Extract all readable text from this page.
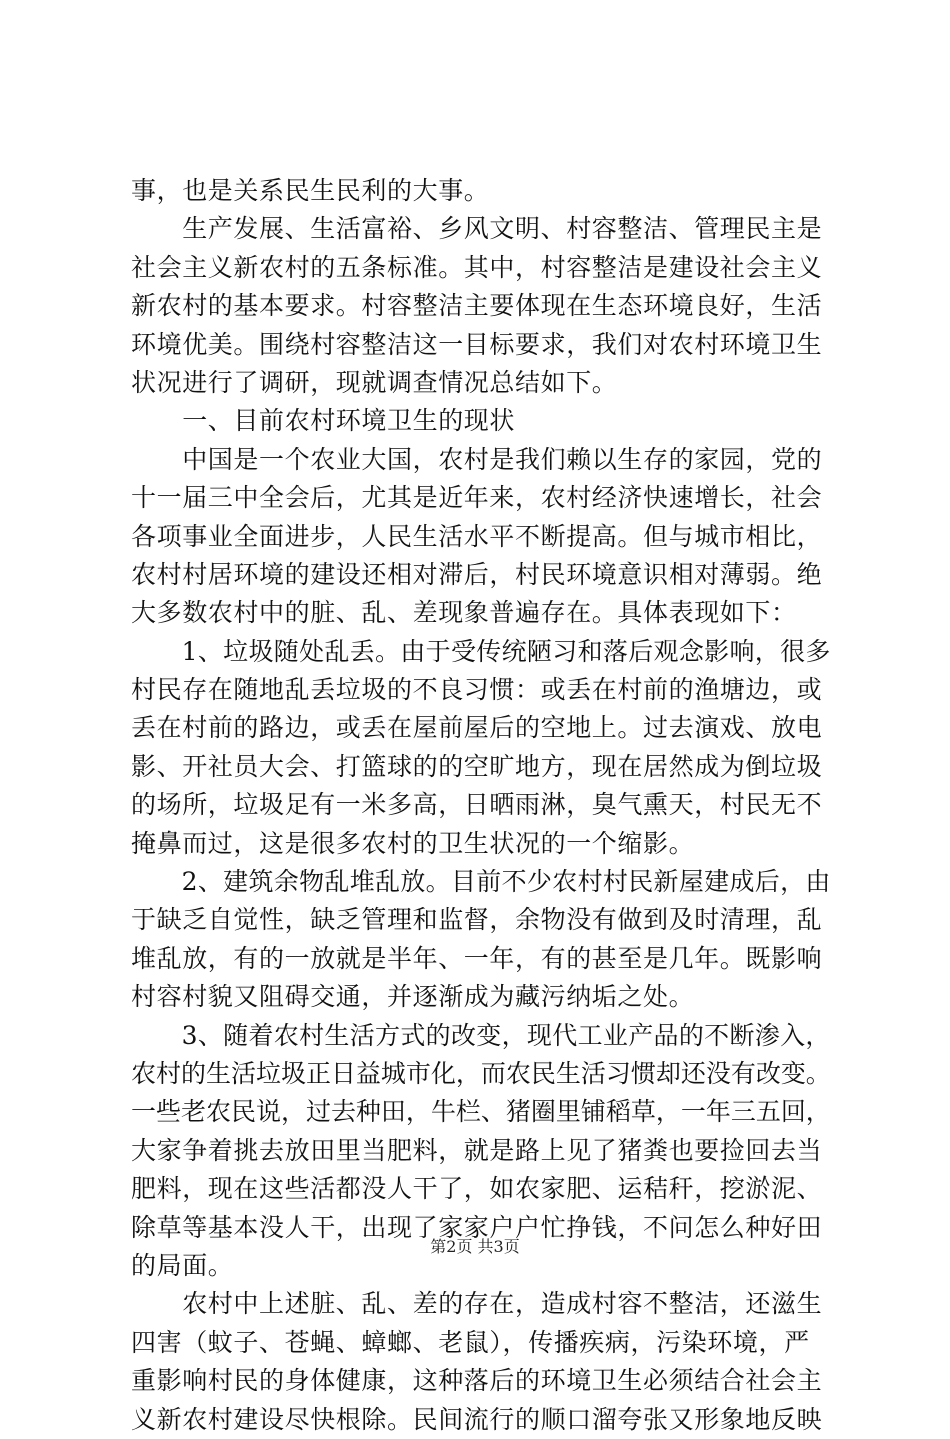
事，也是关系民生民利的大事。
　　生产发展、生活富裕、乡风文明、村容整洁、管理民主是
社会主义新农村的五条标准。其中，村容整洁是建设社会主义
新农村的基本要求。村容整洁主要体现在生态环境良好，生活
环境优美。围绕村容整洁这一目标要求，我们对农村环境卫生
状况进行了调研，现就调查情况总结如下。
　　一、目前农村环境卫生的现状
　　中国是一个农业大国，农村是我们赖以生存的家园，党的
十一届三中全会后，尤其是近年来，农村经济快速增长，社会
各项事业全面进步，人民生活水平不断提高。但与城市相比，
农村村居环境的建设还相对滞后，村民环境意识相对薄弱。绝
大多数农村中的脏、乱、差现象普遍存在。具体表现如下：
　　1、垃圾随处乱丢。由于受传统陋习和落后观念影响，很多
村民存在随地乱丢垃圾的不良习惯：或丢在村前的渔塘边，或
丢在村前的路边，或丢在屋前屋后的空地上。过去演戏、放电
影、开社员大会、打篮球的的空旷地方，现在居然成为倒垃圾
的场所，垃圾足有一米多高，日晒雨淋，臭气熏天，村民无不
掩鼻而过，这是很多农村的卫生状况的一个缩影。
　　2、建筑余物乱堆乱放。目前不少农村村民新屋建成后，由
于缺乏自觉性，缺乏管理和监督，余物没有做到及时清理，乱
堆乱放，有的一放就是半年、一年，有的甚至是几年。既影响
村容村貌又阻碍交通，并逐渐成为藏污纳垢之处。
　　3、随着农村生活方式的改变，现代工业产品的不断渗入，
农村的生活垃圾正日益城市化，而农民生活习惯却还没有改变。
一些老农民说，过去种田，牛栏、猪圈里铺稻草，一年三五回，
大家争着挑去放田里当肥料，就是路上见了猪粪也要捡回去当
肥料，现在这些活都没人干了，如农家肥、运秸秆，挖淤泥、
除草等基本没人干，出现了家家户户忙挣钱，不问怎么种好田
的局面。
　　农村中上述脏、乱、差的存在，造成村容不整洁，还滋生
四害（蚊子、苍蝇、蟑螂、老鼠），传播疾病，污染环境，严
重影响村民的身体健康，这种落后的环境卫生必须结合社会主
义新农村建设尽快根除。民间流行的顺口溜夸张又形象地反映
第2页 共3页
